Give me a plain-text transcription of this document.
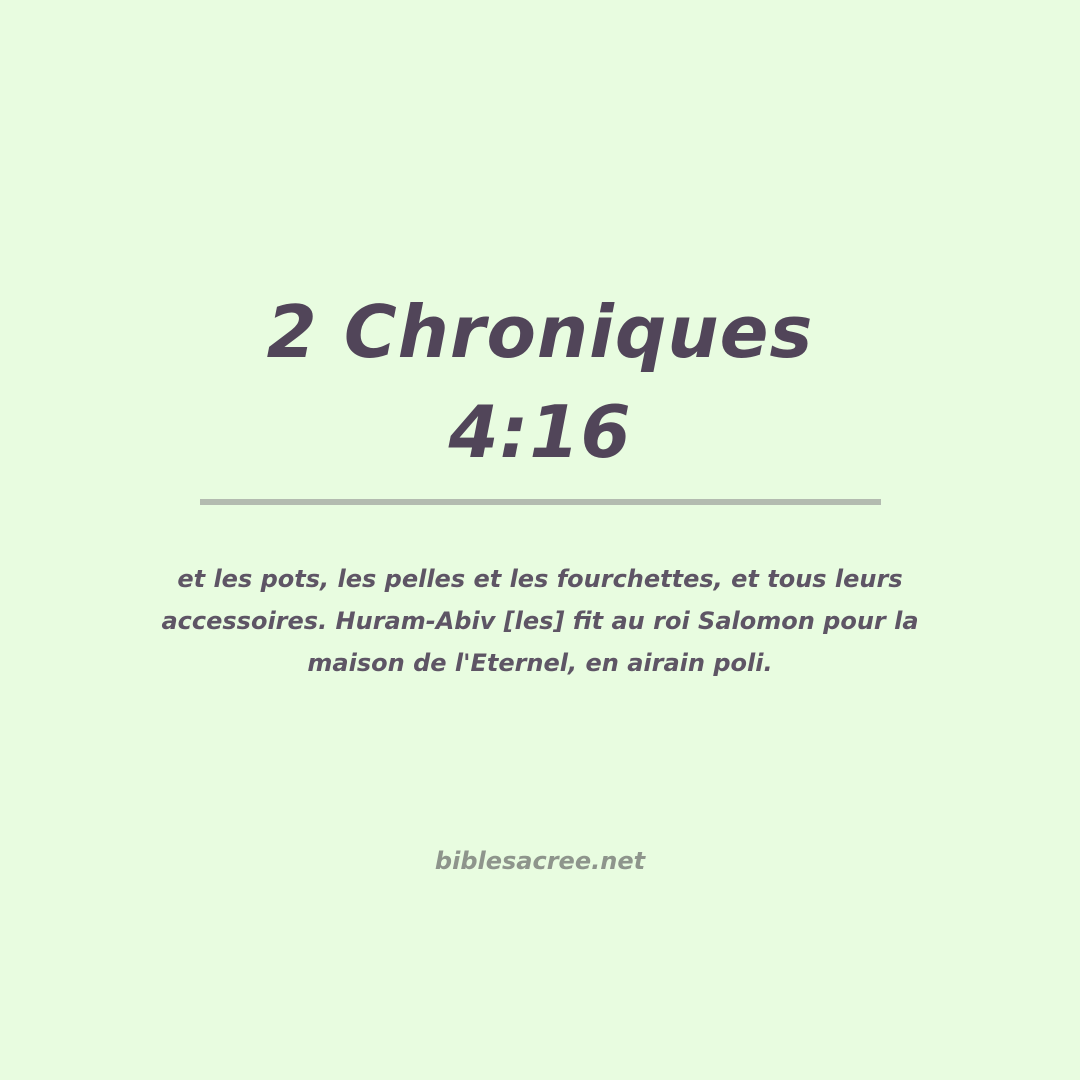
2 Chroniques
4:16
et les pots, les pelles et les fourchettes, et tous leurs accessoires. Huram-Abiv [les] fit au roi Salomon pour la maison de l'Eternel, en airain poli.
biblesacree.net
